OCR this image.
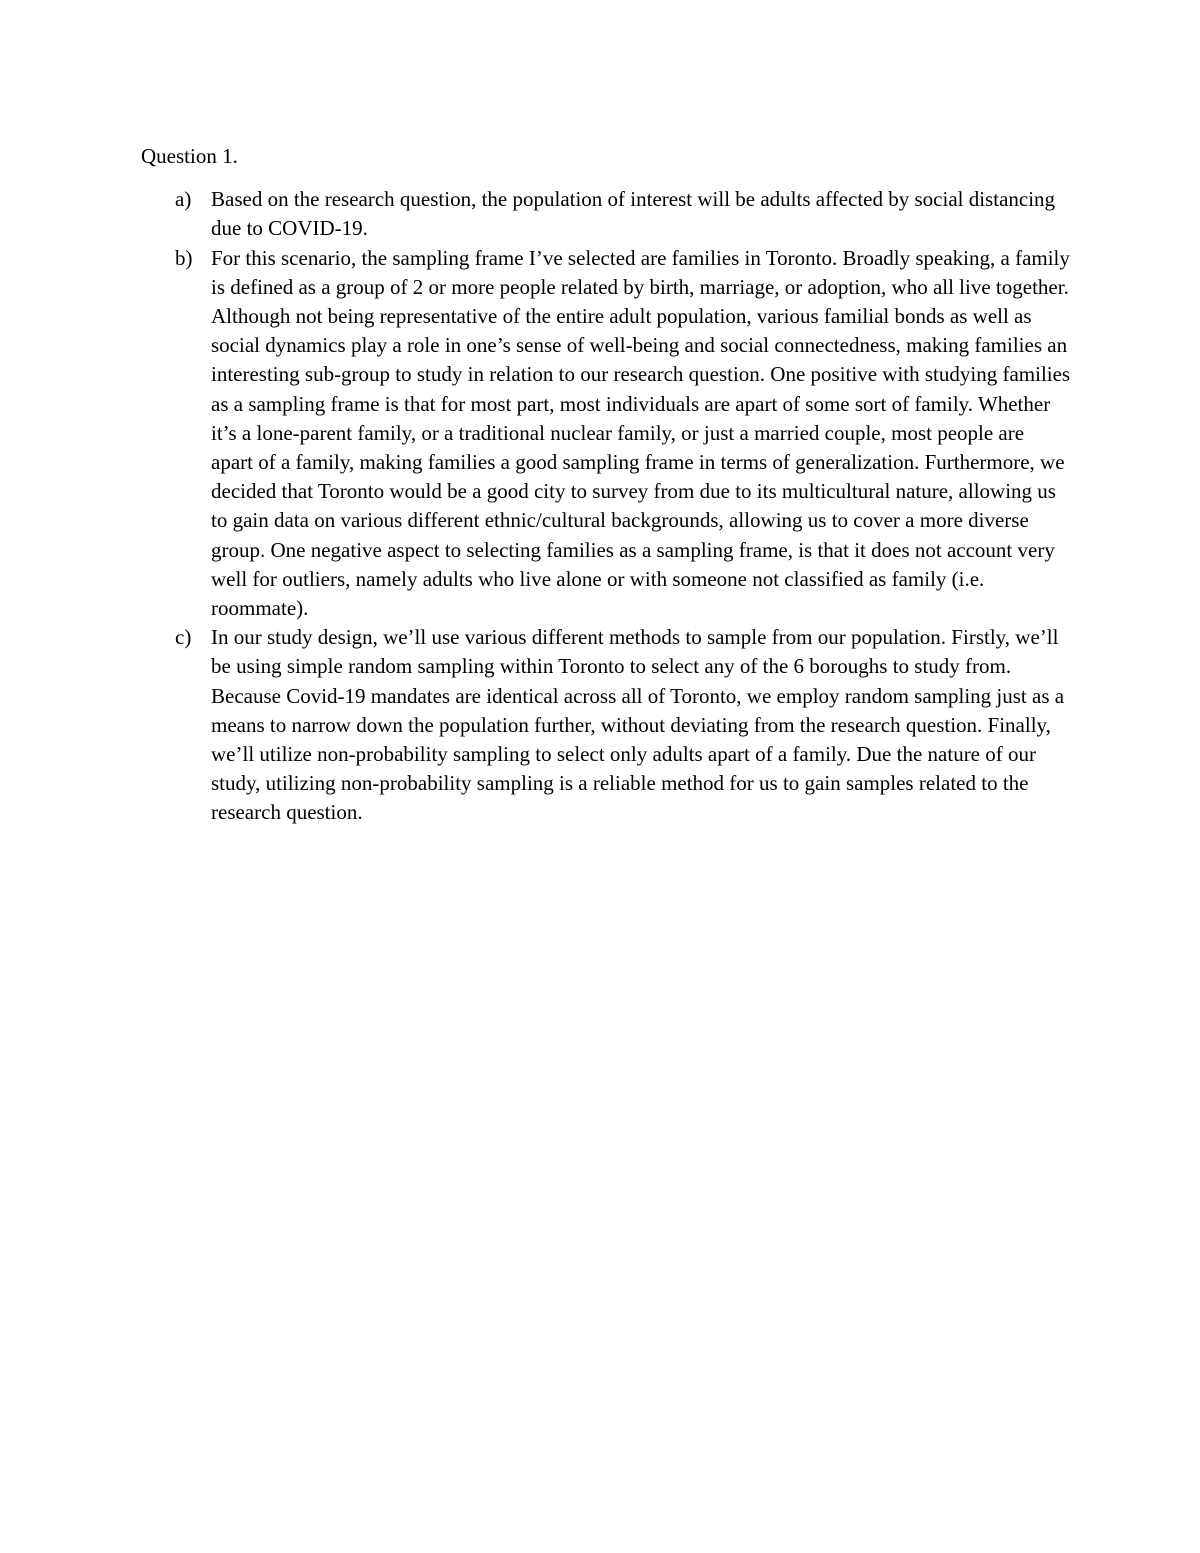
Question 1.

a) Based on the research question, the population of interest will be adults affected by social distancing due to COVID-19.
b) For this scenario, the sampling frame I’ve selected are families in Toronto. Broadly speaking, a family is defined as a group of 2 or more people related by birth, marriage, or adoption, who all live together. Although not being representative of the entire adult population, various familial bonds as well as social dynamics play a role in one’s sense of well-being and social connectedness, making families an interesting sub-group to study in relation to our research question. One positive with studying families as a sampling frame is that for most part, most individuals are apart of some sort of family. Whether it’s a lone-parent family, or a traditional nuclear family, or just a married couple, most people are apart of a family, making families a good sampling frame in terms of generalization. Furthermore, we decided that Toronto would be a good city to survey from due to its multicultural nature, allowing us to gain data on various different ethnic/cultural backgrounds, allowing us to cover a more diverse group. One negative aspect to selecting families as a sampling frame, is that it does not account very well for outliers, namely adults who live alone or with someone not classified as family (i.e. roommate).
c) In our study design, we’ll use various different methods to sample from our population. Firstly, we’ll be using simple random sampling within Toronto to select any of the 6 boroughs to study from. Because Covid-19 mandates are identical across all of Toronto, we employ random sampling just as a means to narrow down the population further, without deviating from the research question. Finally, we’ll utilize non-probability sampling to select only adults apart of a family. Due the nature of our study, utilizing non-probability sampling is a reliable method for us to gain samples related to the research question.
